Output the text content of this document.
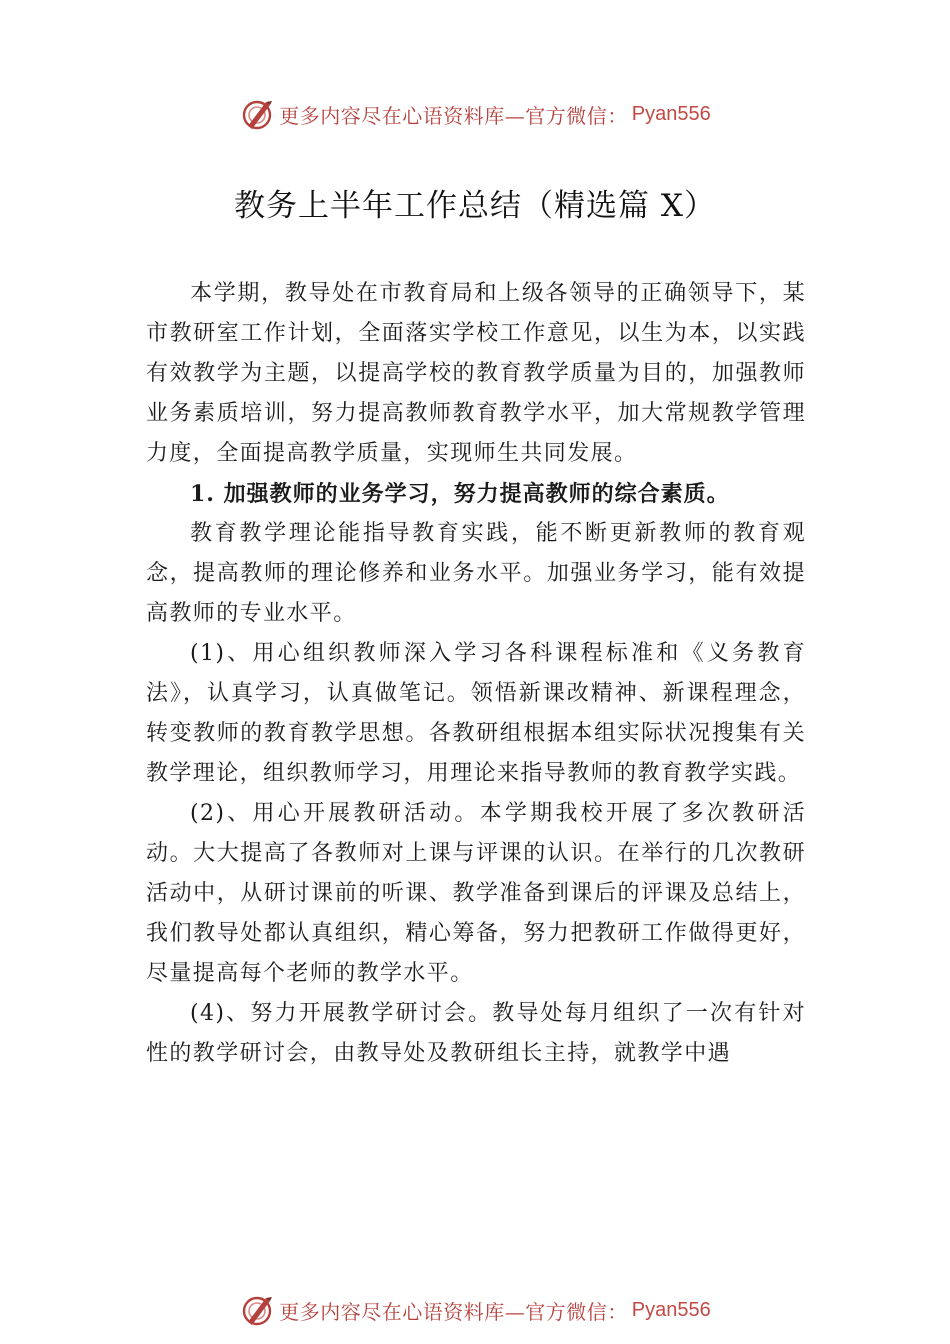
更多内容尽在心语资料库—官方微信： Pyan556
教务上半年工作总结（精选篇 X）

本学期，教导处在市教育局和上级各领导的正确领导下，某市教研室工作计划，全面落实学校工作意见，以生为本，以实践有效教学为主题，以提高学校的教育教学质量为目的，加强教师业务素质培训，努力提高教师教育教学水平，加大常规教学管理力度，全面提高教学质量，实现师生共同发展。

1. 加强教师的业务学习，努力提高教师的综合素质。

教育教学理论能指导教育实践，能不断更新教师的教育观念，提高教师的理论修养和业务水平。加强业务学习，能有效提高教师的专业水平。

(1)、用心组织教师深入学习各科课程标准和《义务教育法》，认真学习，认真做笔记。领悟新课改精神、新课程理念，转变教师的教育教学思想。各教研组根据本组实际状况搜集有关教学理论，组织教师学习，用理论来指导教师的教育教学实践。

(2)、用心开展教研活动。本学期我校开展了多次教研活动。大大提高了各教师对上课与评课的认识。在举行的几次教研活动中，从研讨课前的听课、教学准备到课后的评课及总结上，我们教导处都认真组织，精心筹备，努力把教研工作做得更好，尽量提高每个老师的教学水平。

(4)、努力开展教学研讨会。教导处每月组织了一次有针对性的教学研讨会，由教导处及教研组长主持，就教学中遇

更多内容尽在心语资料库—官方微信： Pyan556
